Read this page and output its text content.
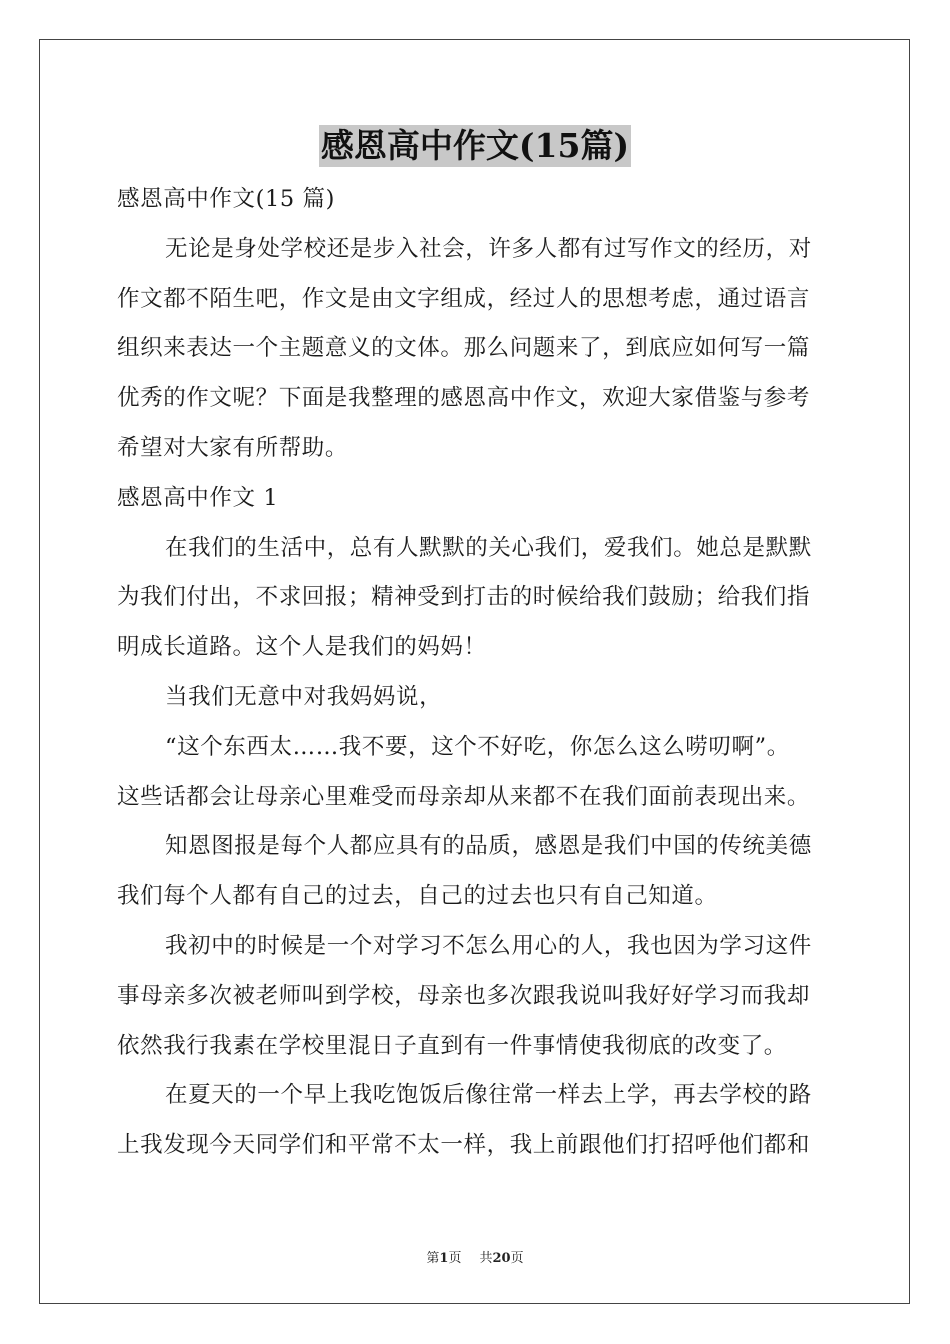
感恩高中作文(15篇)
感恩高中作文(15 篇)
无论是身处学校还是步入社会，许多人都有过写作文的经历，对
作文都不陌生吧，作文是由文字组成，经过人的思想考虑，通过语言
组织来表达一个主题意义的文体。那么问题来了，到底应如何写一篇
优秀的作文呢？下面是我整理的感恩高中作文，欢迎大家借鉴与参考
希望对大家有所帮助。
感恩高中作文 1
在我们的生活中，总有人默默的关心我们，爱我们。她总是默默
为我们付出，不求回报；精神受到打击的时候给我们鼓励；给我们指
明成长道路。这个人是我们的妈妈！
当我们无意中对我妈妈说，
“这个东西太……我不要，这个不好吃，你怎么这么唠叨啊”。
这些话都会让母亲心里难受而母亲却从来都不在我们面前表现出来。
知恩图报是每个人都应具有的品质，感恩是我们中国的传统美德
我们每个人都有自己的过去，自己的过去也只有自己知道。
我初中的时候是一个对学习不怎么用心的人，我也因为学习这件
事母亲多次被老师叫到学校，母亲也多次跟我说叫我好好学习而我却
依然我行我素在学校里混日子直到有一件事情使我彻底的改变了。
在夏天的一个早上我吃饱饭后像往常一样去上学，再去学校的路
上我发现今天同学们和平常不太一样，我上前跟他们打招呼他们都和
第1页 共20页
